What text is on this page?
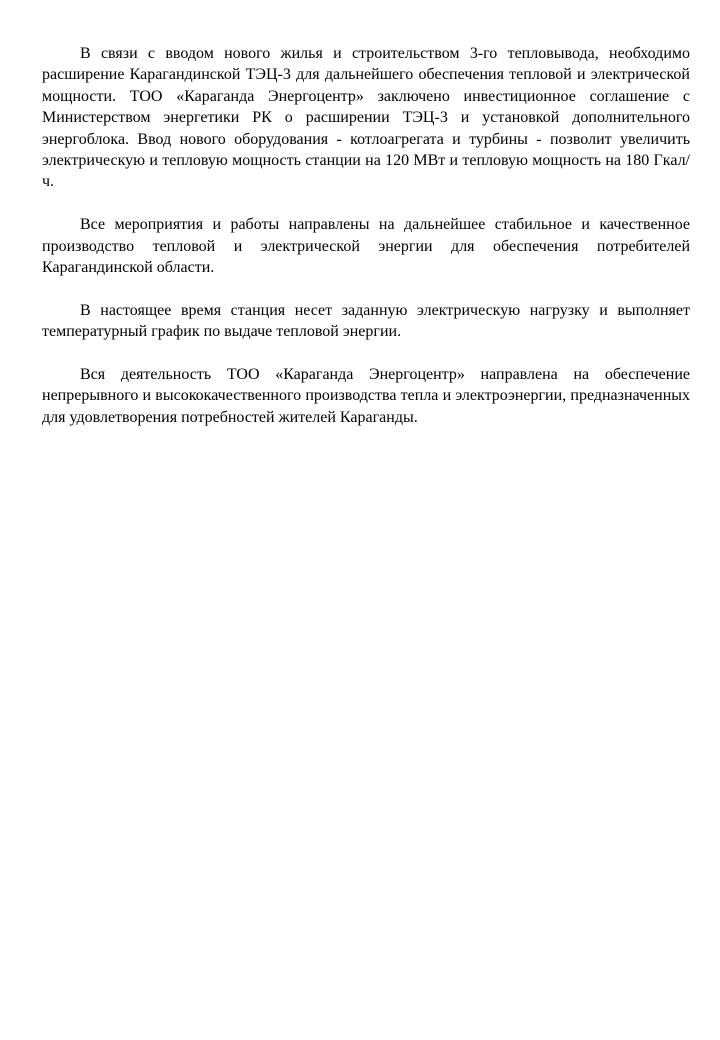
В связи с вводом нового жилья и строительством 3-го тепловывода, необходимо расширение Карагандинской ТЭЦ-3 для дальнейшего обеспечения тепловой и электрической мощности. ТОО «Караганда Энергоцентр» заключено инвестиционное соглашение с Министерством энергетики РК о расширении ТЭЦ-3 и установкой дополнительного энергоблока. Ввод нового оборудования - котлоагрегата и турбины - позволит увеличить электрическую и тепловую мощность станции на 120 МВт и тепловую мощность на 180 Гкал/ч.

Все мероприятия и работы направлены на дальнейшее стабильное и качественное производство тепловой и электрической энергии для обеспечения потребителей Карагандинской области.

В настоящее время станция несет заданную электрическую нагрузку и выполняет температурный график по выдаче тепловой энергии.

Вся деятельность ТОО «Караганда Энергоцентр» направлена на обеспечение непрерывного и высококачественного производства тепла и электроэнергии, предназначенных для удовлетворения потребностей жителей Караганды.
